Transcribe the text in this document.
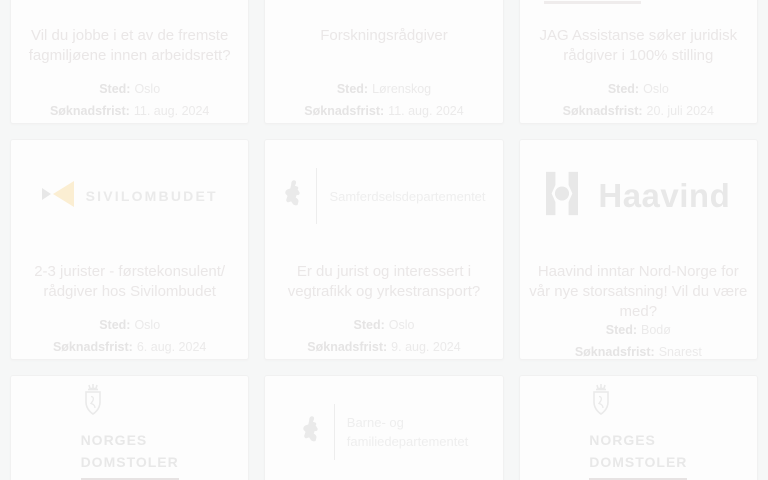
Vil du jobbe i et av de fremste fagmiljøene innen arbeidsrett?

Sted: Oslo

Søknadsfrist: 11. aug. 2024

Forskningsrådgiver

Sted: Lørenskog

Søknadsfrist: 11. aug. 2024

JAG Assistanse søker juridisk rådgiver i 100% stilling

Sted: Oslo

Søknadsfrist: 20. juli 2024

SIVILOMBUDET
2-3 jurister - førstekonsulent/ rådgiver hos Sivilombudet

Sted: Oslo

Søknadsfrist: 6. aug. 2024

Samferdselsdepartementet
Er du jurist og interessert i vegtrafikk og yrkestransport?

Sted: Oslo

Søknadsfrist: 9. aug. 2024

Haavind
Haavind inntar Nord-Norge for vår nye storsatsning! Vil du være med?

Sted: Bodø

Søknadsfrist: Snarest

NORGES
DOMSTOLER
Barne- og
familiedepartementet	NORGES
DOMSTOLER
